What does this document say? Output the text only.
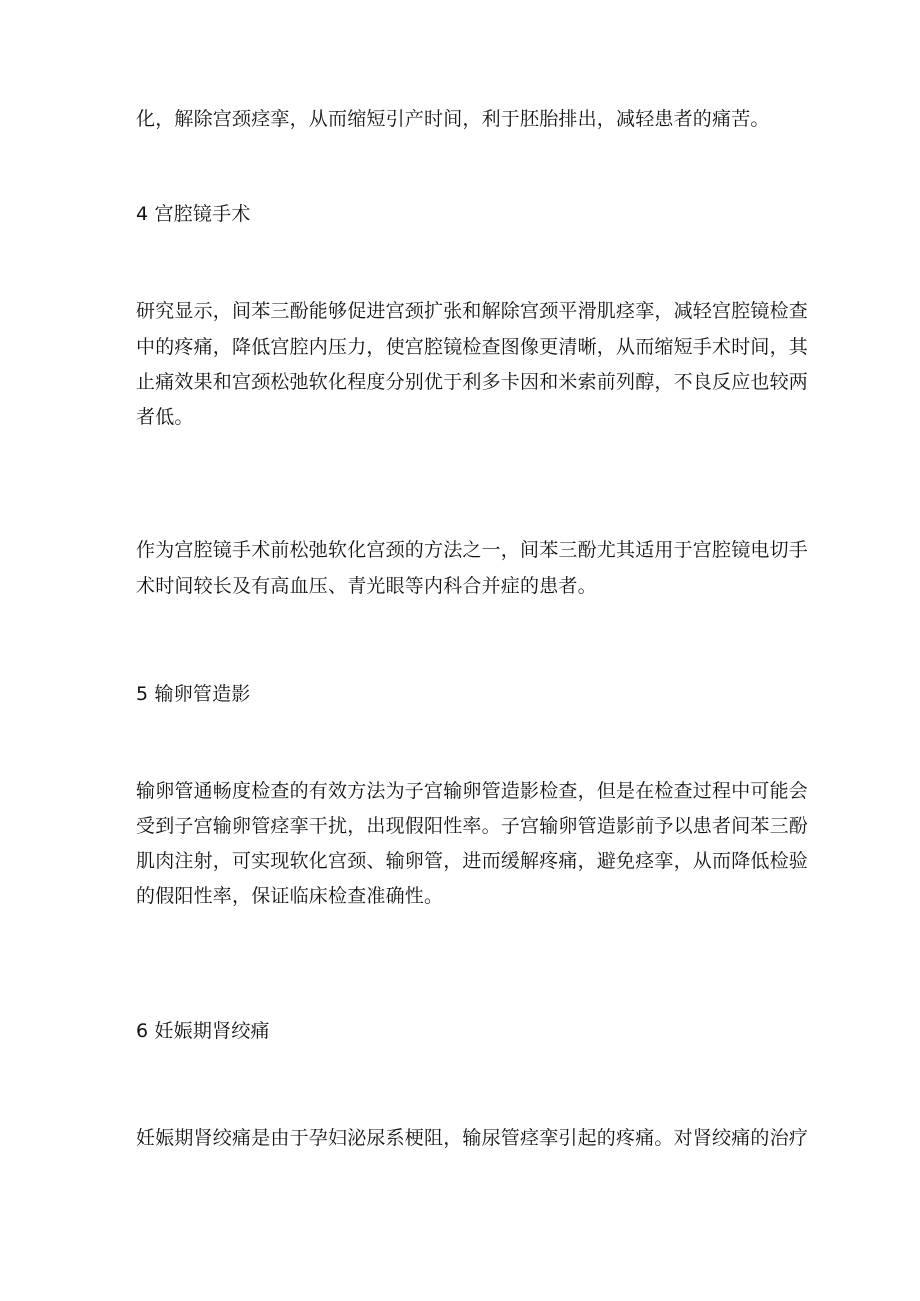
化，解除宫颈痉挛，从而缩短引产时间，利于胚胎排出，减轻患者的痛苦。
4 宫腔镜手术
研究显示，间苯三酚能够促进宫颈扩张和解除宫颈平滑肌痉挛，减轻宫腔镜检查
中的疼痛，降低宫腔内压力，使宫腔镜检查图像更清晰，从而缩短手术时间，其
止痛效果和宫颈松弛软化程度分别优于利多卡因和米索前列醇，不良反应也较两
者低。
作为宫腔镜手术前松弛软化宫颈的方法之一，间苯三酚尤其适用于宫腔镜电切手
术时间较长及有高血压、青光眼等内科合并症的患者。
5 输卵管造影
输卵管通畅度检查的有效方法为子宫输卵管造影检查，但是在检查过程中可能会
受到子宫输卵管痉挛干扰，出现假阳性率。子宫输卵管造影前予以患者间苯三酚
肌肉注射，可实现软化宫颈、输卵管，进而缓解疼痛，避免痉挛，从而降低检验
的假阳性率，保证临床检查准确性。
6 妊娠期肾绞痛
妊娠期肾绞痛是由于孕妇泌尿系梗阻，输尿管痉挛引起的疼痛。对肾绞痛的治疗
